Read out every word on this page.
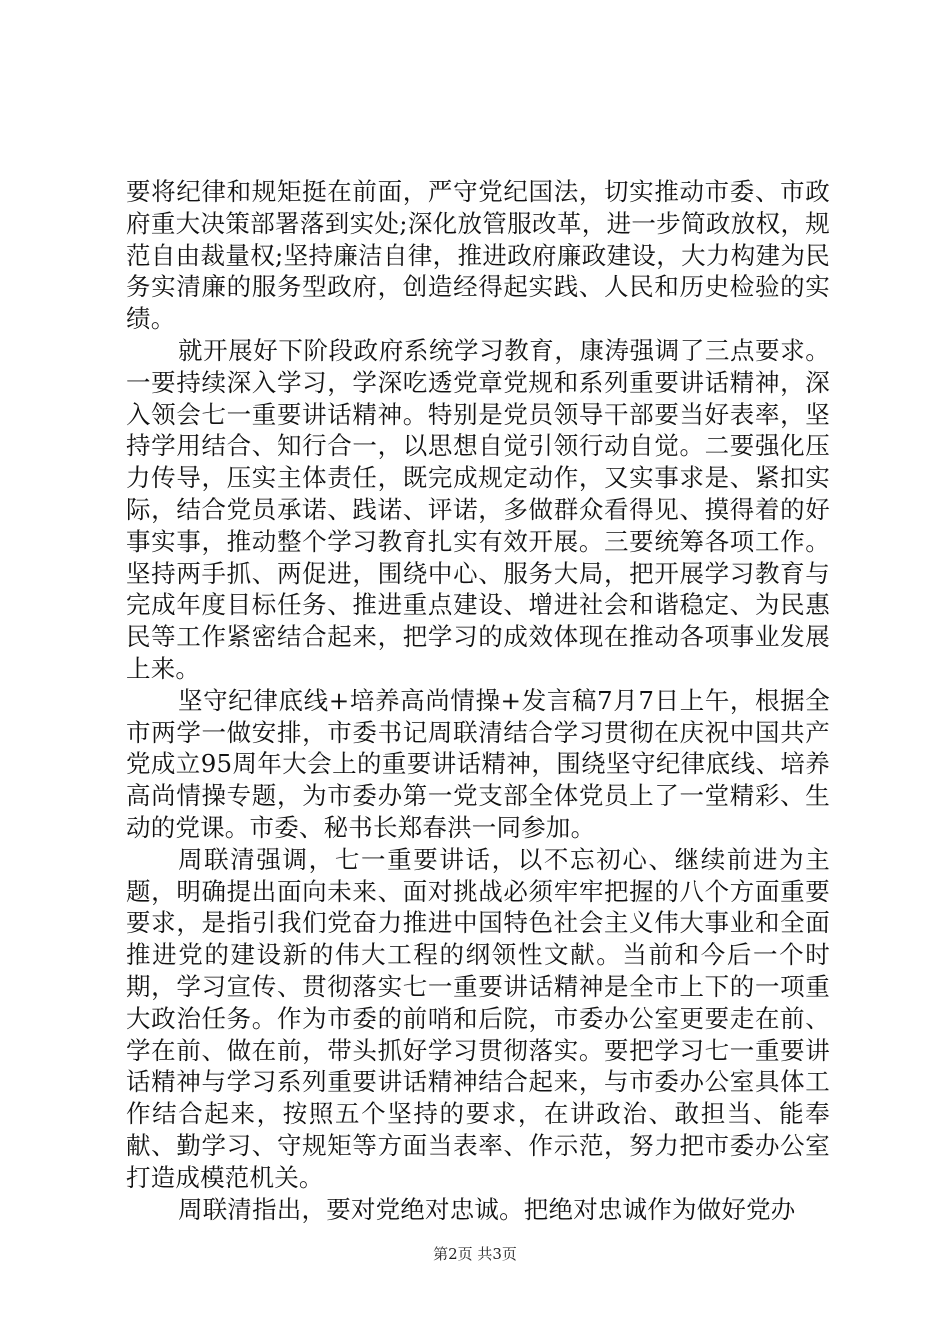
要将纪律和规矩挺在前面，严守党纪国法，切实推动市委、市政府重大决策部署落到实处;深化放管服改革，进一步简政放权，规范自由裁量权;坚持廉洁自律，推进政府廉政建设，大力构建为民务实清廉的服务型政府，创造经得起实践、人民和历史检验的实绩。

就开展好下阶段政府系统学习教育，康涛强调了三点要求。一要持续深入学习，学深吃透党章党规和系列重要讲话精神，深入领会七一重要讲话精神。特别是党员领导干部要当好表率，坚持学用结合、知行合一，以思想自觉引领行动自觉。二要强化压力传导，压实主体责任，既完成规定动作，又实事求是、紧扣实际，结合党员承诺、践诺、评诺，多做群众看得见、摸得着的好事实事，推动整个学习教育扎实有效开展。三要统筹各项工作。坚持两手抓、两促进，围绕中心、服务大局，把开展学习教育与完成年度目标任务、推进重点建设、增进社会和谐稳定、为民惠民等工作紧密结合起来，把学习的成效体现在推动各项事业发展上来。

坚守纪律底线+培养高尚情操+发言稿7月7日上午，根据全市两学一做安排，市委书记周联清结合学习贯彻在庆祝中国共产党成立95周年大会上的重要讲话精神，围绕坚守纪律底线、培养高尚情操专题，为市委办第一党支部全体党员上了一堂精彩、生动的党课。市委、秘书长郑春洪一同参加。

周联清强调，七一重要讲话，以不忘初心、继续前进为主题，明确提出面向未来、面对挑战必须牢牢把握的八个方面重要要求，是指引我们党奋力推进中国特色社会主义伟大事业和全面推进党的建设新的伟大工程的纲领性文献。当前和今后一个时期，学习宣传、贯彻落实七一重要讲话精神是全市上下的一项重大政治任务。作为市委的前哨和后院，市委办公室更要走在前、学在前、做在前，带头抓好学习贯彻落实。要把学习七一重要讲话精神与学习系列重要讲话精神结合起来，与市委办公室具体工作结合起来，按照五个坚持的要求，在讲政治、敢担当、能奉献、勤学习、守规矩等方面当表率、作示范，努力把市委办公室打造成模范机关。

周联清指出，要对党绝对忠诚。把绝对忠诚作为做好党办

第2页 共3页
